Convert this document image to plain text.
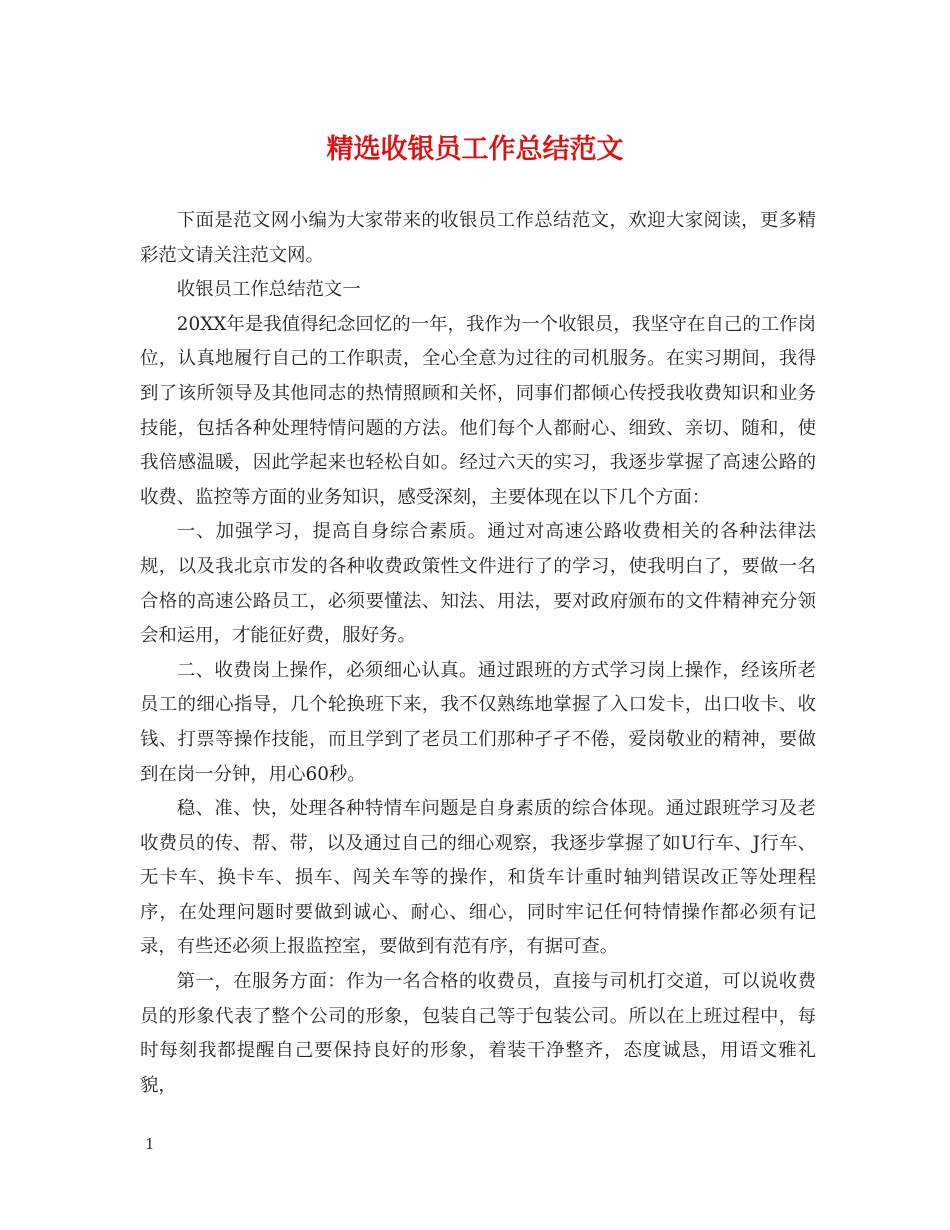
精选收银员工作总结范文

下面是范文网小编为大家带来的收银员工作总结范文，欢迎大家阅读，更多精彩范文请关注范文网。

收银员工作总结范文一

20XX年是我值得纪念回忆的一年，我作为一个收银员，我坚守在自己的工作岗位，认真地履行自己的工作职责，全心全意为过往的司机服务。在实习期间，我得到了该所领导及其他同志的热情照顾和关怀，同事们都倾心传授我收费知识和业务技能，包括各种处理特情问题的方法。他们每个人都耐心、细致、亲切、随和，使我倍感温暖，因此学起来也轻松自如。经过六天的实习，我逐步掌握了高速公路的收费、监控等方面的业务知识，感受深刻，主要体现在以下几个方面：

一、加强学习，提高自身综合素质。通过对高速公路收费相关的各种法律法规，以及我北京市发的各种收费政策性文件进行了的学习，使我明白了，要做一名合格的高速公路员工，必须要懂法、知法、用法，要对政府颁布的文件精神充分领会和运用，才能征好费，服好务。

二、收费岗上操作，必须细心认真。通过跟班的方式学习岗上操作，经该所老员工的细心指导，几个轮换班下来，我不仅熟练地掌握了入口发卡，出口收卡、收钱、打票等操作技能，而且学到了老员工们那种孑孑不倦，爱岗敬业的精神，要做到在岗一分钟，用心60秒。

稳、准、快，处理各种特情车问题是自身素质的综合体现。通过跟班学习及老收费员的传、帮、带，以及通过自己的细心观察，我逐步掌握了如U行车、J行车、无卡车、换卡车、损车、闯关车等的操作，和货车计重时轴判错误改正等处理程序，在处理问题时要做到诚心、耐心、细心，同时牢记任何特情操作都必须有记录，有些还必须上报监控室，要做到有范有序，有据可查。

第一，在服务方面：作为一名合格的收费员，直接与司机打交道，可以说收费员的形象代表了整个公司的形象，包装自己等于包装公司。所以在上班过程中，每时每刻我都提醒自己要保持良好的形象，着装干净整齐，态度诚恳，用语文雅礼貌，

1
